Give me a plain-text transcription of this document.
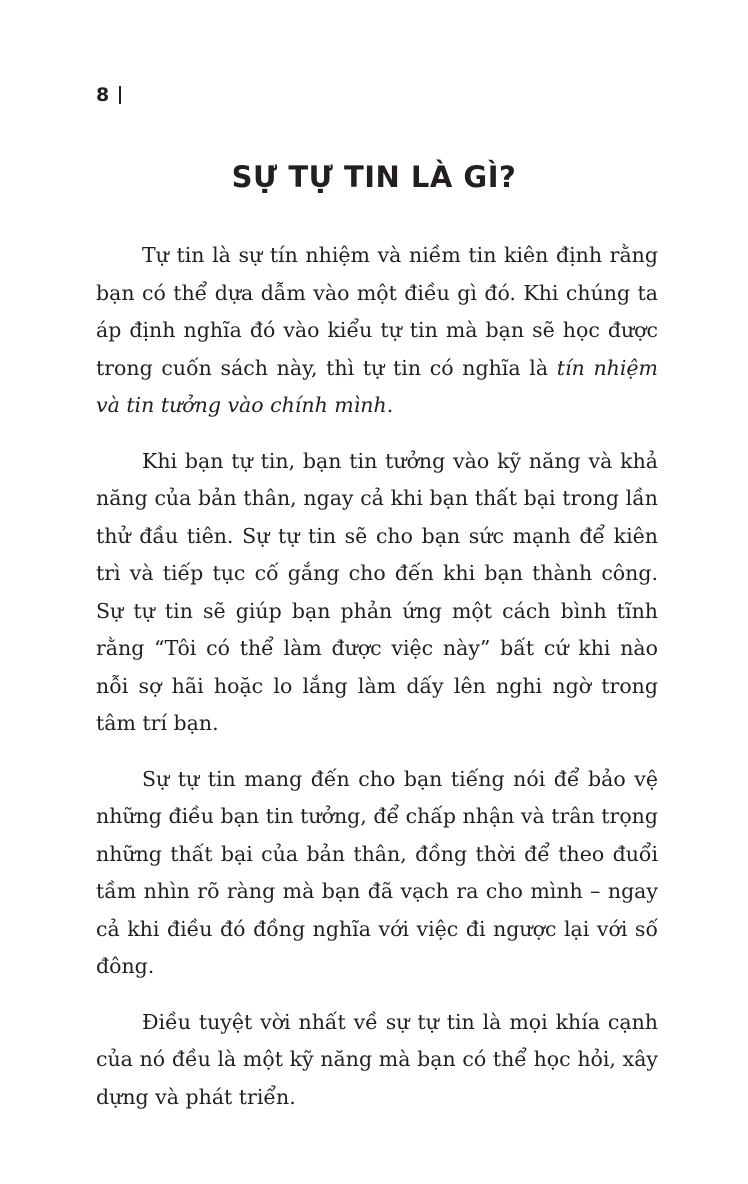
8
SỰ TỰ TIN LÀ GÌ?

Tự tin là sự tín nhiệm và niềm tin kiên định rằng bạn có thể dựa dẫm vào một điều gì đó. Khi chúng ta áp định nghĩa đó vào kiểu tự tin mà bạn sẽ học được trong cuốn sách này, thì tự tin có nghĩa là tín nhiệm và tin tưởng vào chính mình.

Khi bạn tự tin, bạn tin tưởng vào kỹ năng và khả năng của bản thân, ngay cả khi bạn thất bại trong lần thử đầu tiên. Sự tự tin sẽ cho bạn sức mạnh để kiên trì và tiếp tục cố gắng cho đến khi bạn thành công. Sự tự tin sẽ giúp bạn phản ứng một cách bình tĩnh rằng “Tôi có thể làm được việc này” bất cứ khi nào nỗi sợ hãi hoặc lo lắng làm dấy lên nghi ngờ trong tâm trí bạn.

Sự tự tin mang đến cho bạn tiếng nói để bảo vệ những điều bạn tin tưởng, để chấp nhận và trân trọng những thất bại của bản thân, đồng thời để theo đuổi tầm nhìn rõ ràng mà bạn đã vạch ra cho mình – ngay cả khi điều đó đồng nghĩa với việc đi ngược lại với số đông.

Điều tuyệt vời nhất về sự tự tin là mọi khía cạnh của nó đều là một kỹ năng mà bạn có thể học hỏi, xây dựng và phát triển.
